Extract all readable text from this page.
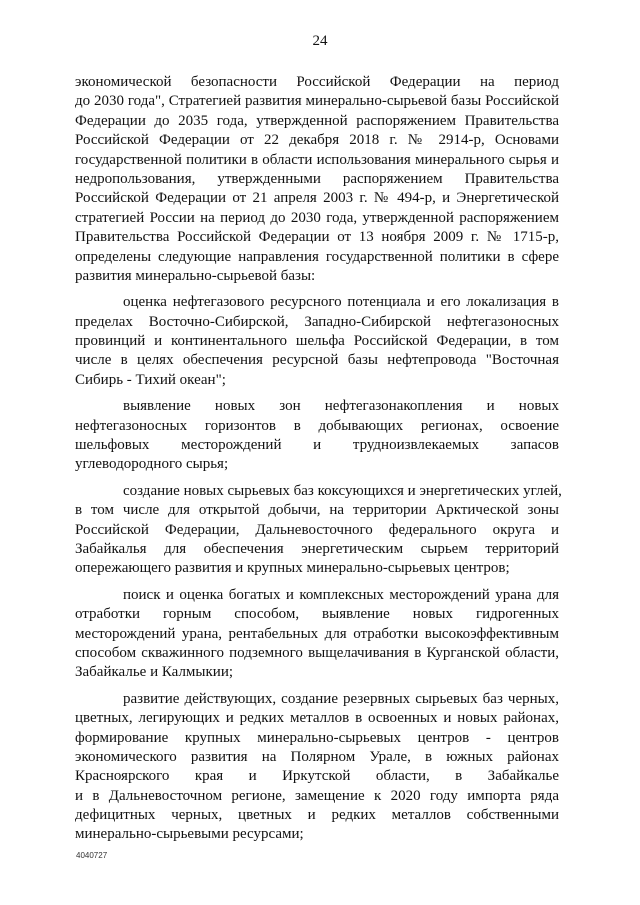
24
экономической безопасности Российской Федерации на период
до 2030 года", Стратегией развития минерально-сырьевой базы Российской
Федерации до 2035 года, утвержденной распоряжением Правительства
Российской Федерации от 22 декабря 2018 г. № 2914-р, Основами
государственной политики в области использования минерального сырья и
недропользования, утвержденными распоряжением Правительства
Российской Федерации от 21 апреля 2003 г. № 494-р, и Энергетической
стратегией России на период до 2030 года, утвержденной распоряжением
Правительства Российской Федерации от 13 ноября 2009 г. № 1715-р,
определены следующие направления государственной политики в сфере
развития минерально-сырьевой базы:
оценка нефтегазового ресурсного потенциала и его локализация в
пределах Восточно-Сибирской, Западно-Сибирской нефтегазоносных
провинций и континентального шельфа Российской Федерации, в том
числе в целях обеспечения ресурсной базы нефтепровода "Восточная
Сибирь - Тихий океан";
выявление новых зон нефтегазонакопления и новых
нефтегазоносных горизонтов в добывающих регионах, освоение
шельфовых месторождений и трудноизвлекаемых запасов
углеводородного сырья;
создание новых сырьевых баз коксующихся и энергетических углей,
в том числе для открытой добычи, на территории Арктической зоны
Российской Федерации, Дальневосточного федерального округа и
Забайкалья для обеспечения энергетическим сырьем территорий
опережающего развития и крупных минерально-сырьевых центров;
поиск и оценка богатых и комплексных месторождений урана для
отработки горным способом, выявление новых гидрогенных
месторождений урана, рентабельных для отработки высокоэффективным
способом скважинного подземного выщелачивания в Курганской области,
Забайкалье и Калмыкии;
развитие действующих, создание резервных сырьевых баз черных,
цветных, легирующих и редких металлов в освоенных и новых районах,
формирование крупных минерально-сырьевых центров - центров
экономического развития на Полярном Урале, в южных районах
Красноярского края и Иркутской области, в Забайкалье
и в Дальневосточном регионе, замещение к 2020 году импорта ряда
дефицитных черных, цветных и редких металлов собственными
минерально-сырьевыми ресурсами;
4040727
